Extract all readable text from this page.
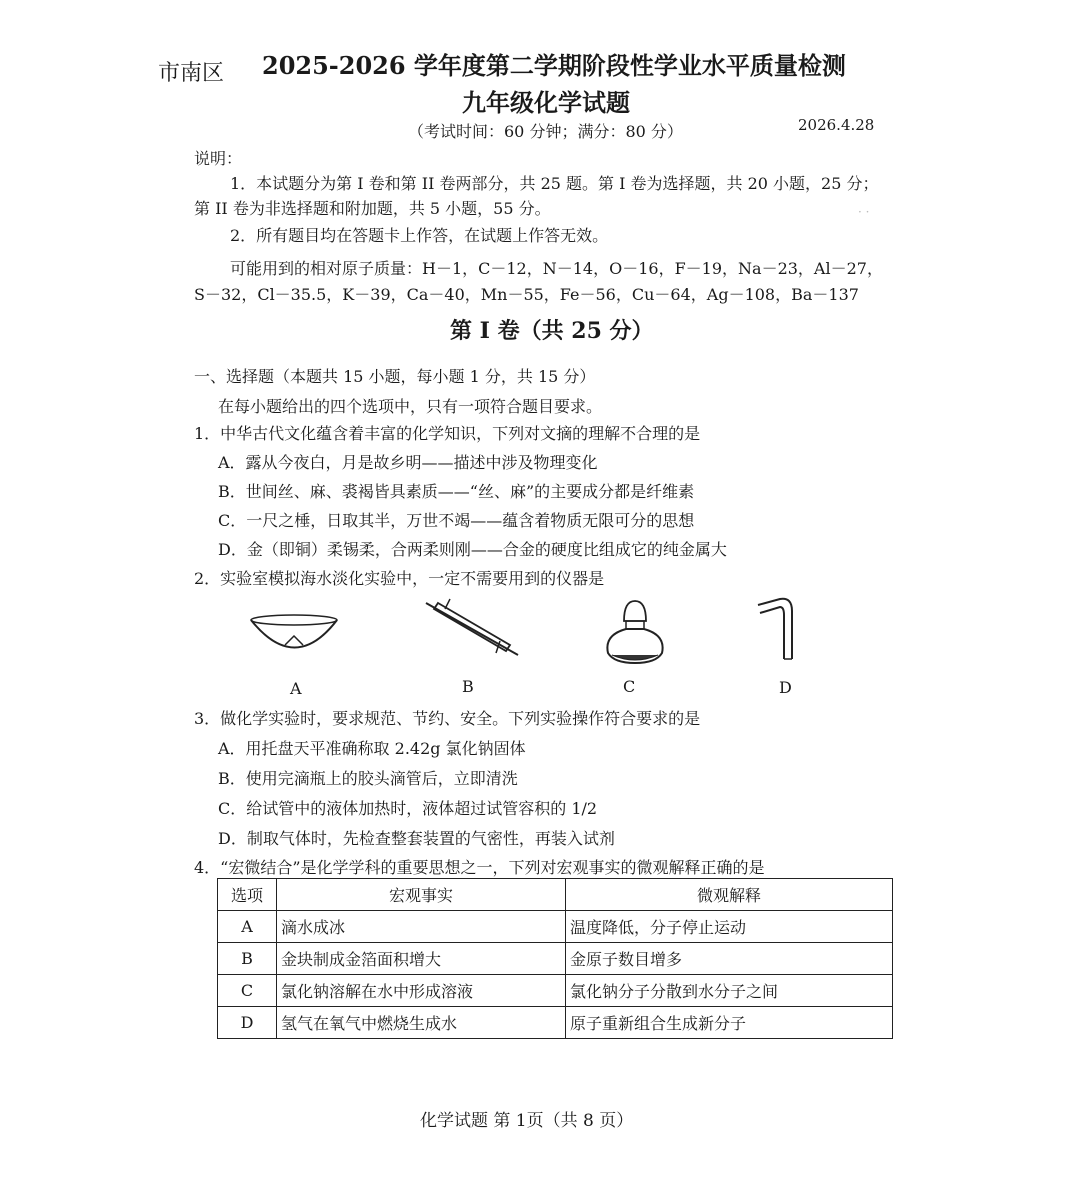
市南区 2025-2026 学年度第二学期阶段性学业水平质量检测
九年级化学试题
（考试时间：60 分钟；满分：80 分）	2026.4.28
说明：
1．本试题分为第 I 卷和第 II 卷两部分，共 25 题。第 I 卷为选择题，共 20 小题，25 分；
第 II 卷为非选择题和附加题，共 5 小题，55 分。
2．所有题目均在答题卡上作答，在试题上作答无效。
可能用到的相对原子质量：H－1，C－12，N－14，O－16，F－19，Na－23，Al－27，
S－32，Cl－35.5，K－39，Ca－40，Mn－55，Fe－56，Cu－64，Ag－108，Ba－137
· ·
第 I 卷（共 25 分）
一、选择题（本题共 15 小题，每小题 1 分，共 15 分）
在每小题给出的四个选项中，只有一项符合题目要求。
1．中华古代文化蕴含着丰富的化学知识，下列对文摘的理解不合理的是
A．露从今夜白，月是故乡明——描述中涉及物理变化
B．世间丝、麻、裘褐皆具素质——“丝、麻”的主要成分都是纤维素
C．一尺之棰，日取其半，万世不竭——蕴含着物质无限可分的思想
D．金（即铜）柔锡柔，合两柔则刚——合金的硬度比组成它的纯金属大
2．实验室模拟海水淡化实验中，一定不需要用到的仪器是
A	B	C	D
3．做化学实验时，要求规范、节约、安全。下列实验操作符合要求的是
A．用托盘天平准确称取 2.42g 氯化钠固体
B．使用完滴瓶上的胶头滴管后，立即清洗
C．给试管中的液体加热时，液体超过试管容积的 1/2
D．制取气体时，先检查整套装置的气密性，再装入试剂
4．“宏微结合”是化学学科的重要思想之一，下列对宏观事实的微观解释正确的是
选项	宏观事实	微观解释
A	滴水成冰	温度降低，分子停止运动
B	金块制成金箔面积增大	金原子数目增多
C	氯化钠溶解在水中形成溶液	氯化钠分子分散到水分子之间
D	氢气在氧气中燃烧生成水	原子重新组合生成新分子
化学试题 第 1页（共 8 页）
